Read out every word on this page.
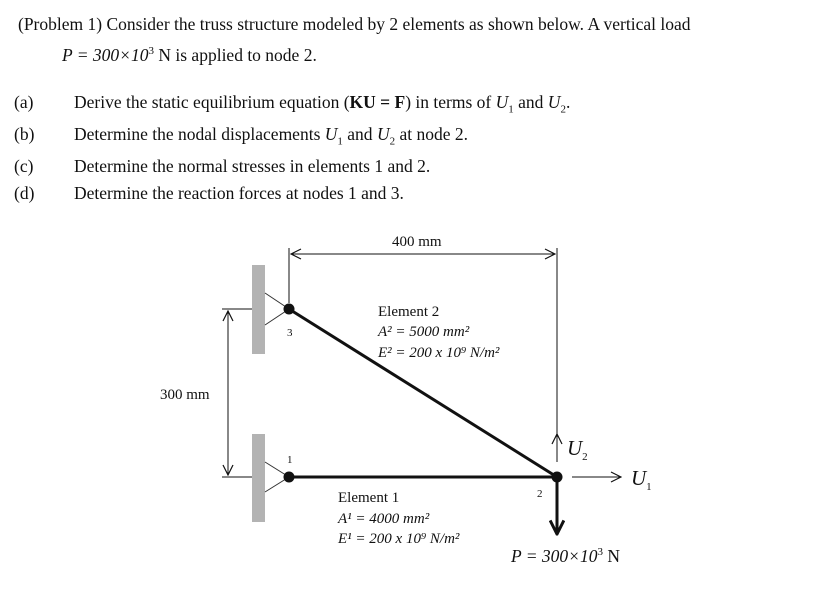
(Problem 1) Consider the truss structure modeled by 2 elements as shown below. A vertical load
$P = 300\times 10^3$ N is applied to node 2.
(a) Derive the static equilibrium equation (KU = F) in terms of $U_1$ and $U_2$.
(b) Determine the nodal displacements $U_1$ and $U_2$ at node 2.
(c) Determine the normal stresses in elements 1 and 2.
(d) Determine the reaction forces at nodes 1 and 3.
3
1
2
400 mm
300 mm
Element 2
A² = 5000 mm²
E² = 200 x 10⁹ N/m²
Element 1
A¹ = 4000 mm²
E¹ = 200 x 10⁹ N/m²
$U_2$
$U_1$
$P = 300\times 10^3$ N
